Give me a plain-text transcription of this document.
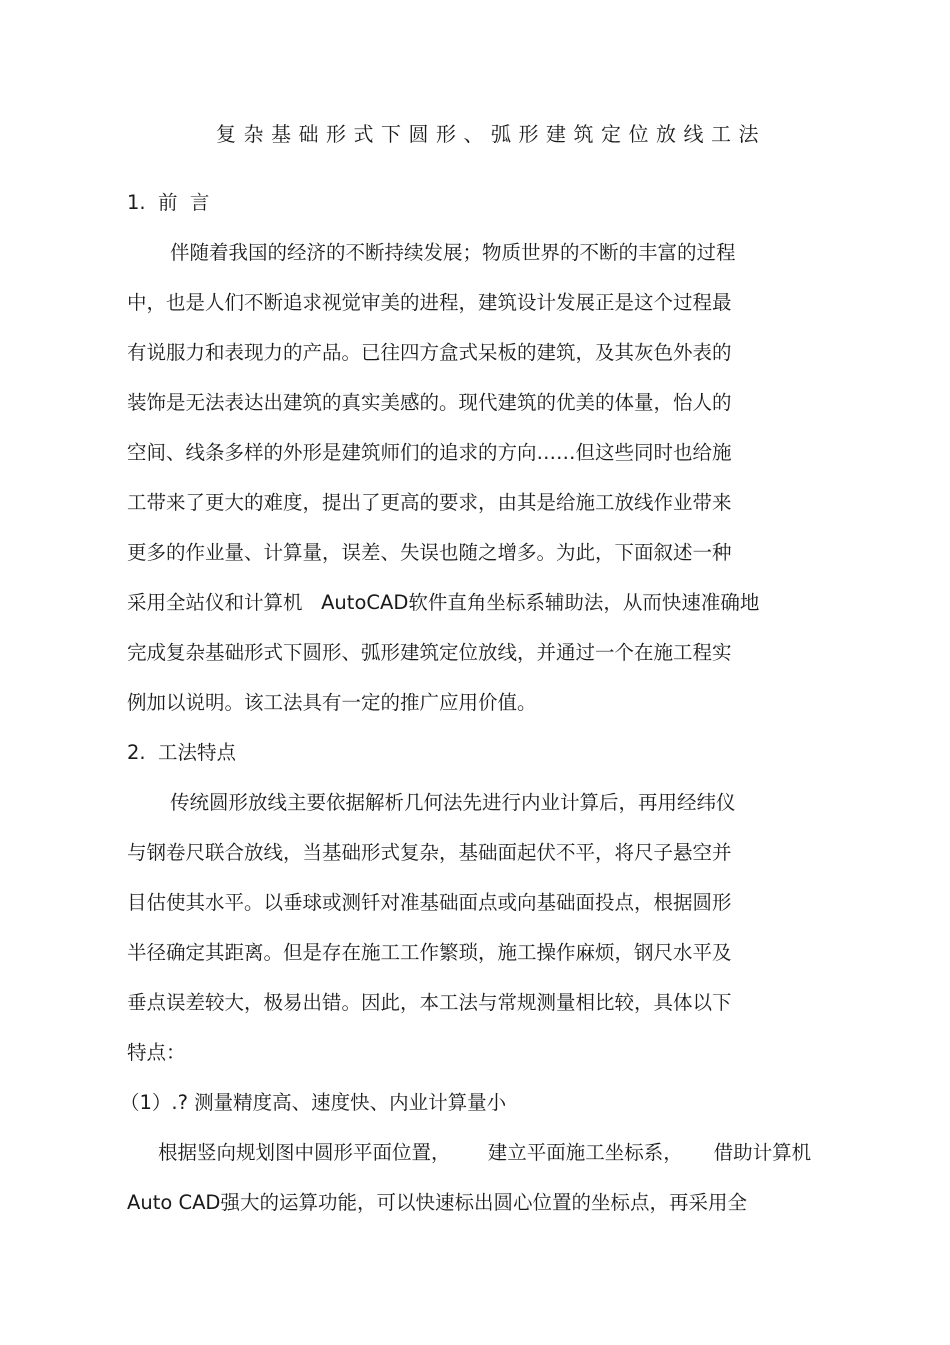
复杂基础形式下圆形、弧形建筑定位放线工法
1.  前  言
伴随着我国的经济的不断持续发展；物质世界的不断的丰富的过程
中，也是人们不断追求视觉审美的进程，建筑设计发展正是这个过程最
有说服力和表现力的产品。已往四方盒式呆板的建筑，及其灰色外表的
装饰是无法表达出建筑的真实美感的。现代建筑的优美的体量，怡人的
空间、线条多样的外形是建筑师们的追求的方向……但这些同时也给施
工带来了更大的难度，提出了更高的要求，由其是给施工放线作业带来
更多的作业量、计算量，误差、失误也随之增多。为此，下面叙述一种
采用全站仪和计算机   AutoCAD软件直角坐标系辅助法，从而快速准确地
完成复杂基础形式下圆形、弧形建筑定位放线，并通过一个在施工程实
例加以说明。该工法具有一定的推广应用价值。
2.  工法特点
传统圆形放线主要依据解析几何法先进行内业计算后，再用经纬仪
与钢卷尺联合放线，当基础形式复杂，基础面起伏不平，将尺子悬空并
目估使其水平。以垂球或测钎对准基础面点或向基础面投点，根据圆形
半径确定其距离。但是存在施工工作繁琐，施工操作麻烦，钢尺水平及
垂点误差较大，极易出错。因此，本工法与常规测量相比较，具体以下
特点：
（1）.? 测量精度高、速度快、内业计算量小
根据竖向规划图中圆形平面位置，      建立平面施工坐标系，     借助计算机
Auto CAD强大的运算功能，可以快速标出圆心位置的坐标点，再采用全
